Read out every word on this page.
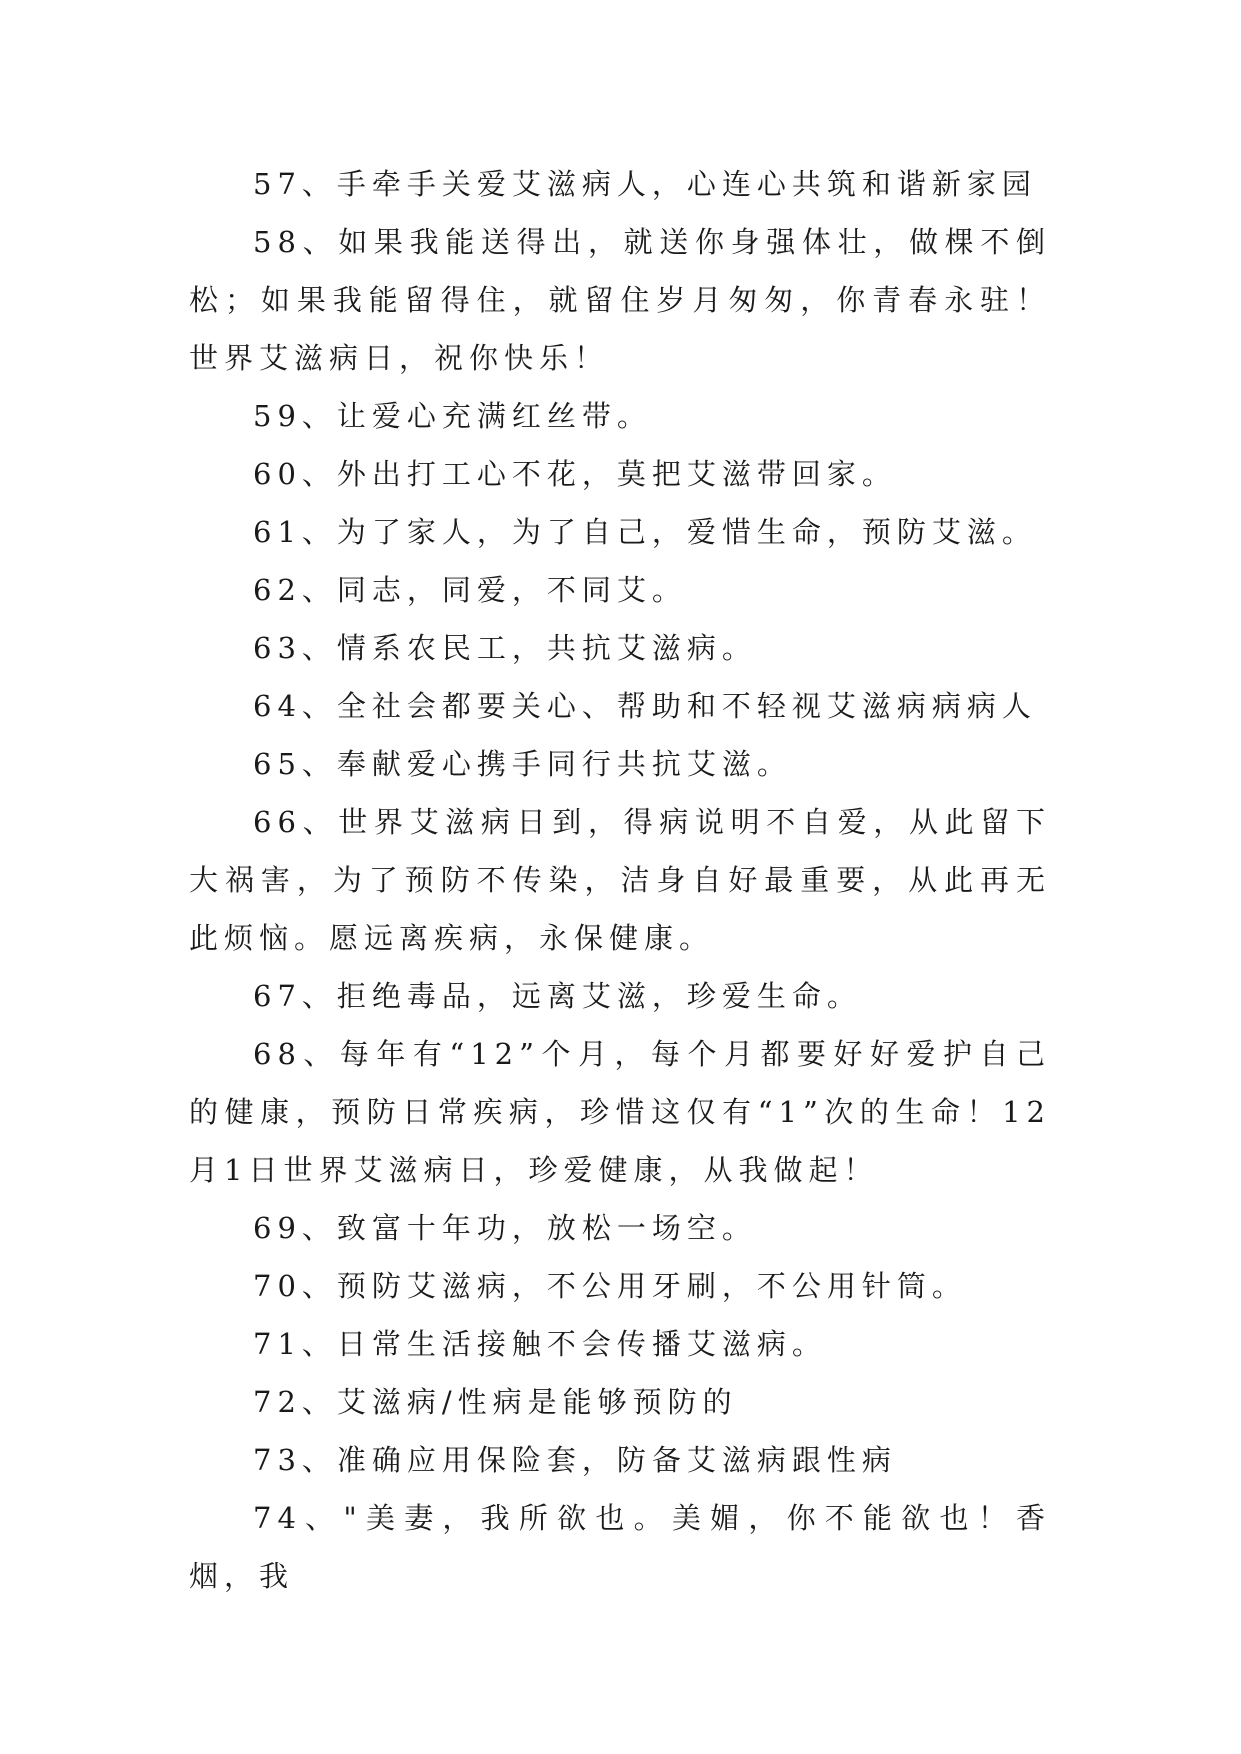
57、手牵手关爱艾滋病人，心连心共筑和谐新家园

58、如果我能送得出，就送你身强体壮，做棵不倒松；如果我能留得住，就留住岁月匆匆，你青春永驻！世界艾滋病日，祝你快乐！

59、让爱心充满红丝带。

60、外出打工心不花，莫把艾滋带回家。

61、为了家人，为了自己，爱惜生命，预防艾滋。

62、同志，同爱，不同艾。

63、情系农民工，共抗艾滋病。

64、全社会都要关心、帮助和不轻视艾滋病病病人

65、奉献爱心携手同行共抗艾滋。

66、世界艾滋病日到，得病说明不自爱，从此留下大祸害，为了预防不传染，洁身自好最重要，从此再无此烦恼。愿远离疾病，永保健康。

67、拒绝毒品，远离艾滋，珍爱生命。

68、每年有“12”个月，每个月都要好好爱护自己的健康，预防日常疾病，珍惜这仅有“1”次的生命！12月1日世界艾滋病日，珍爱健康，从我做起！

69、致富十年功，放松一场空。

70、预防艾滋病，不公用牙刷，不公用针筒。

71、日常生活接触不会传播艾滋病。

72、艾滋病/性病是能够预防的

73、准确应用保险套，防备艾滋病跟性病

74、"美妻，我所欲也。美媚，你不能欲也！香烟，我
